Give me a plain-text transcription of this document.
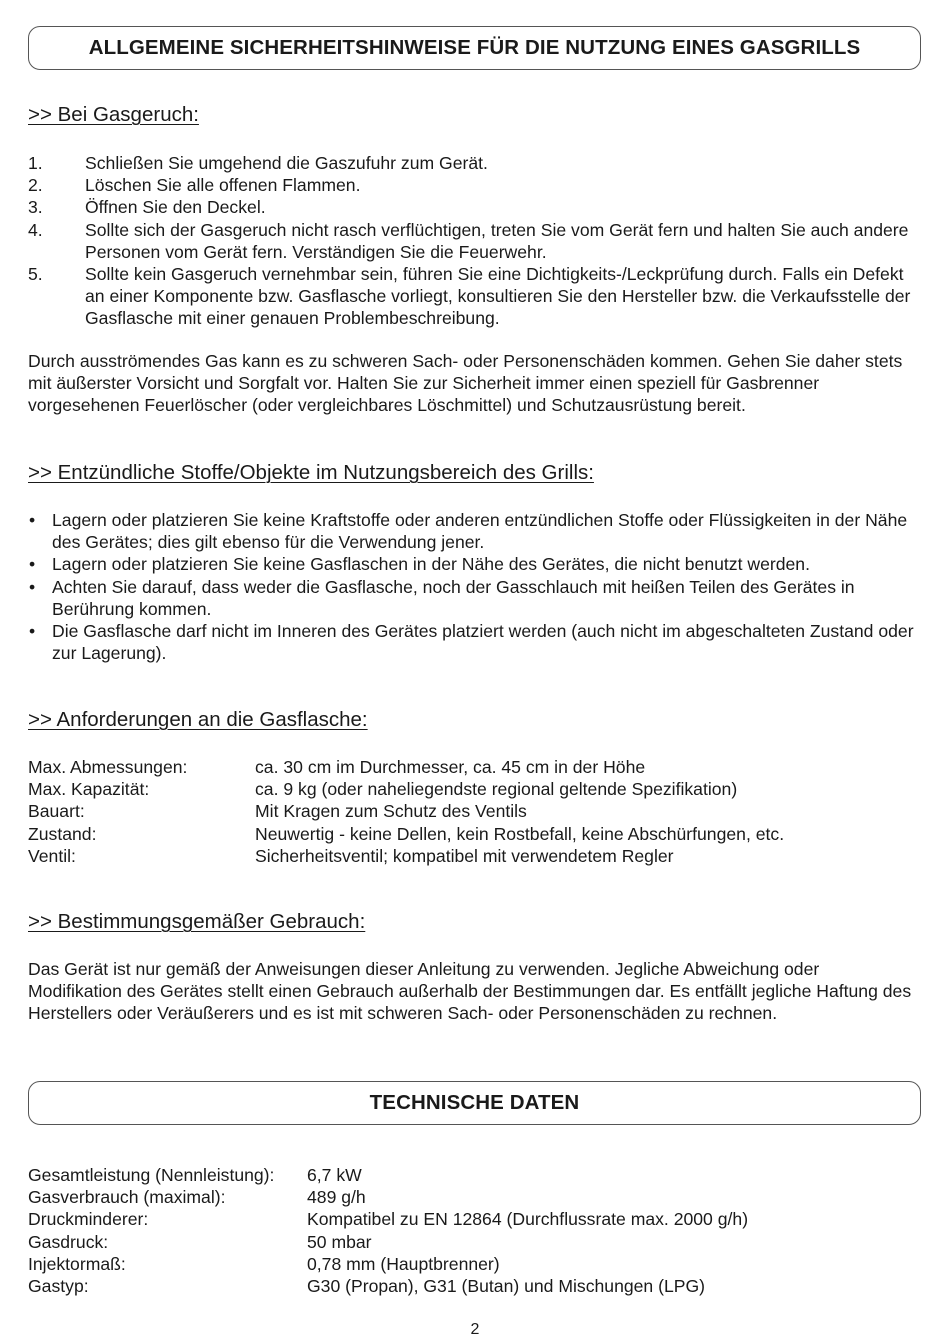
ALLGEMEINE SICHERHEITSHINWEISE FÜR DIE NUTZUNG EINES GASGRILLS
>> Bei Gasgeruch:
1.	Schließen Sie umgehend die Gaszufuhr zum Gerät.
2.	Löschen Sie alle offenen Flammen.
3.	Öffnen Sie den Deckel.
4.	Sollte sich der Gasgeruch nicht rasch verflüchtigen, treten Sie vom Gerät fern und halten Sie auch andere Personen vom Gerät fern. Verständigen Sie die Feuerwehr.
5.	Sollte kein Gasgeruch vernehmbar sein, führen Sie eine Dichtigkeits-/Leckprüfung durch. Falls ein Defekt an einer Komponente bzw. Gasflasche vorliegt, konsultieren Sie den Hersteller bzw. die Verkaufsstelle der Gasflasche mit einer genauen Problembeschreibung.

Durch ausströmendes Gas kann es zu schweren Sach- oder Personenschäden kommen. Gehen Sie daher stets mit äußerster Vorsicht und Sorgfalt vor. Halten Sie zur Sicherheit immer einen speziell für Gasbrenner vorgesehenen Feuerlöscher (oder vergleichbares Löschmittel) und Schutzausrüstung bereit.

>> Entzündliche Stoffe/Objekte im Nutzungsbereich des Grills:
• Lagern oder platzieren Sie keine Kraftstoffe oder anderen entzündlichen Stoffe oder Flüssigkeiten in der Nähe des Gerätes; dies gilt ebenso für die Verwendung jener.
• Lagern oder platzieren Sie keine Gasflaschen in der Nähe des Gerätes, die nicht benutzt werden.
• Achten Sie darauf, dass weder die Gasflasche, noch der Gasschlauch mit heißen Teilen des Gerätes in Berührung kommen.
• Die Gasflasche darf nicht im Inneren des Gerätes platziert werden (auch nicht im abgeschalteten Zustand oder zur Lagerung).
>> Anforderungen an die Gasflasche:
Max. Abmessungen:	ca. 30 cm im Durchmesser, ca. 45 cm in der Höhe
Max. Kapazität:	ca. 9 kg (oder naheliegendste regional geltende Spezifikation)
Bauart:	Mit Kragen zum Schutz des Ventils
Zustand:	Neuwertig - keine Dellen, kein Rostbefall, keine Abschürfungen, etc.
Ventil:	Sicherheitsventil; kompatibel mit verwendetem Regler
>> Bestimmungsgemäßer Gebrauch:

Das Gerät ist nur gemäß der Anweisungen dieser Anleitung zu verwenden. Jegliche Abweichung oder Modifikation des Gerätes stellt einen Gebrauch außerhalb der Bestimmungen dar. Es entfällt jegliche Haftung des Herstellers oder Veräußerers und es ist mit schweren Sach- oder Personenschäden zu rechnen.

TECHNISCHE DATEN
Gesamtleistung (Nennleistung):	6,7 kW
Gasverbrauch (maximal):	489 g/h
Druckminderer:	Kompatibel zu EN 12864 (Durchflussrate max. 2000 g/h)
Gasdruck:	50 mbar
Injektormaß:	0,78 mm (Hauptbrenner)
Gastyp:	G30 (Propan), G31 (Butan) und Mischungen (LPG)
2
